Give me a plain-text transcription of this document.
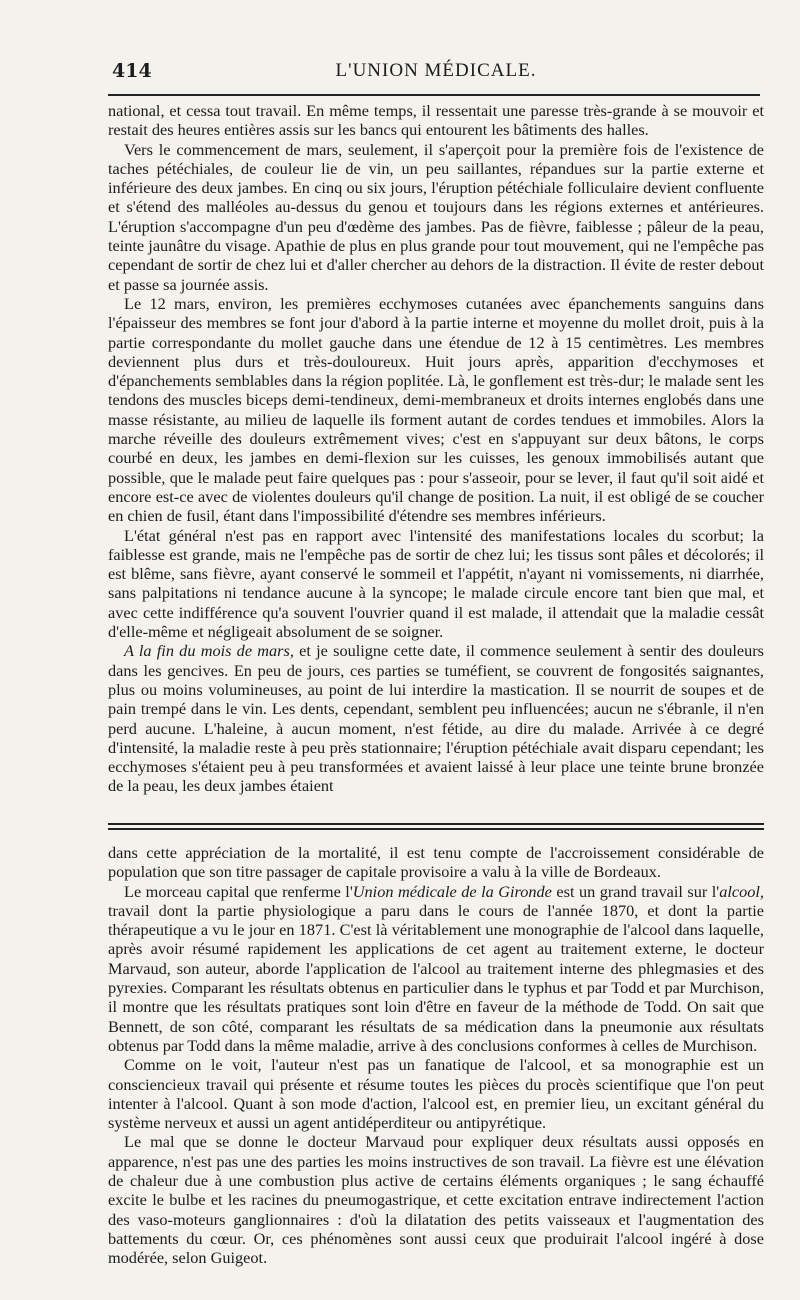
414	L'UNION MÉDICALE.

national, et cessa tout travail. En même temps, il ressentait une paresse très-grande à se mouvoir et restait des heures entières assis sur les bancs qui entourent les bâtiments des halles.

Vers le commencement de mars, seulement, il s'aperçoit pour la première fois de l'existence de taches pétéchiales, de couleur lie de vin, un peu saillantes, répandues sur la partie externe et inférieure des deux jambes. En cinq ou six jours, l'éruption pétéchiale folliculaire devient confluente et s'étend des malléoles au-dessus du genou et toujours dans les régions externes et antérieures. L'éruption s'accompagne d'un peu d'œdème des jambes. Pas de fièvre, faiblesse ; pâleur de la peau, teinte jaunâtre du visage. Apathie de plus en plus grande pour tout mouvement, qui ne l'empêche pas cependant de sortir de chez lui et d'aller chercher au dehors de la distraction. Il évite de rester debout et passe sa journée assis.

Le 12 mars, environ, les premières ecchymoses cutanées avec épanchements sanguins dans l'épaisseur des membres se font jour d'abord à la partie interne et moyenne du mollet droit, puis à la partie correspondante du mollet gauche dans une étendue de 12 à 15 centimètres. Les membres deviennent plus durs et très-douloureux. Huit jours après, apparition d'ecchymoses et d'épanchements semblables dans la région poplitée. Là, le gonflement est très-dur; le malade sent les tendons des muscles biceps demi-tendineux, demi-membraneux et droits internes englobés dans une masse résistante, au milieu de laquelle ils forment autant de cordes tendues et immobiles. Alors la marche réveille des douleurs extrêmement vives; c'est en s'appuyant sur deux bâtons, le corps courbé en deux, les jambes en demi-flexion sur les cuisses, les genoux immobilisés autant que possible, que le malade peut faire quelques pas : pour s'asseoir, pour se lever, il faut qu'il soit aidé et encore est-ce avec de violentes douleurs qu'il change de position. La nuit, il est obligé de se coucher en chien de fusil, étant dans l'impossibilité d'étendre ses membres inférieurs.

L'état général n'est pas en rapport avec l'intensité des manifestations locales du scorbut; la faiblesse est grande, mais ne l'empêche pas de sortir de chez lui; les tissus sont pâles et décolorés; il est blême, sans fièvre, ayant conservé le sommeil et l'appétit, n'ayant ni vomissements, ni diarrhée, sans palpitations ni tendance aucune à la syncope; le malade circule encore tant bien que mal, et avec cette indifférence qu'a souvent l'ouvrier quand il est malade, il attendait que la maladie cessât d'elle-même et négligeait absolument de se soigner.

A la fin du mois de mars, et je souligne cette date, il commence seulement à sentir des douleurs dans les gencives. En peu de jours, ces parties se tuméfient, se couvrent de fongosités saignantes, plus ou moins volumineuses, au point de lui interdire la mastication. Il se nourrit de soupes et de pain trempé dans le vin. Les dents, cependant, semblent peu influencées; aucun ne s'ébranle, il n'en perd aucune. L'haleine, à aucun moment, n'est fétide, au dire du malade. Arrivée à ce degré d'intensité, la maladie reste à peu près stationnaire; l'éruption pétéchiale avait disparu cependant; les ecchymoses s'étaient peu à peu transformées et avaient laissé à leur place une teinte brune bronzée de la peau, les deux jambes étaient

dans cette appréciation de la mortalité, il est tenu compte de l'accroissement considérable de population que son titre passager de capitale provisoire a valu à la ville de Bordeaux.

Le morceau capital que renferme l'Union médicale de la Gironde est un grand travail sur l'alcool, travail dont la partie physiologique a paru dans le cours de l'année 1870, et dont la partie thérapeutique a vu le jour en 1871. C'est là véritablement une monographie de l'alcool dans laquelle, après avoir résumé rapidement les applications de cet agent au traitement externe, le docteur Marvaud, son auteur, aborde l'application de l'alcool au traitement interne des phlegmasies et des pyrexies. Comparant les résultats obtenus en particulier dans le typhus et par Todd et par Murchison, il montre que les résultats pratiques sont loin d'être en faveur de la méthode de Todd. On sait que Bennett, de son côté, comparant les résultats de sa médication dans la pneumonie aux résultats obtenus par Todd dans la même maladie, arrive à des conclusions conformes à celles de Murchison.

Comme on le voit, l'auteur n'est pas un fanatique de l'alcool, et sa monographie est un consciencieux travail qui présente et résume toutes les pièces du procès scientifique que l'on peut intenter à l'alcool. Quant à son mode d'action, l'alcool est, en premier lieu, un excitant général du système nerveux et aussi un agent antidéperditeur ou antipyrétique.

Le mal que se donne le docteur Marvaud pour expliquer deux résultats aussi opposés en apparence, n'est pas une des parties les moins instructives de son travail. La fièvre est une élévation de chaleur due à une combustion plus active de certains éléments organiques ; le sang échauffé excite le bulbe et les racines du pneumogastrique, et cette excitation entrave indirectement l'action des vaso-moteurs ganglionnaires : d'où la dilatation des petits vaisseaux et l'augmentation des battements du cœur. Or, ces phénomènes sont aussi ceux que produirait l'alcool ingéré à dose modérée, selon Guigeot.
